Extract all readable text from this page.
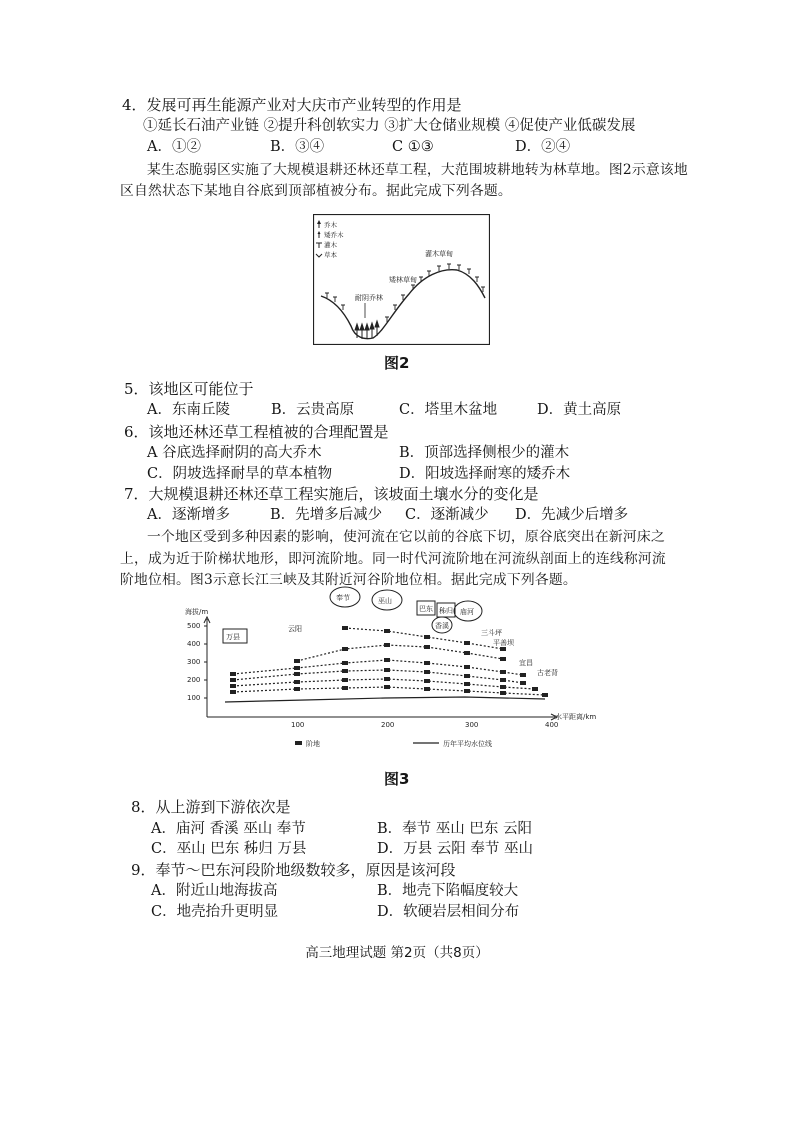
4．发展可再生能源产业对大庆市产业转型的作用是
①延长石油产业链 ②提升科创软实力 ③扩大仓储业规模 ④促使产业低碳发展
A．①②	B．③④	C ①③	D．②④
某生态脆弱区实施了大规模退耕还林还草工程，大范围坡耕地转为林草地。图2示意该地
区自然状态下某地自谷底到顶部植被分布。据此完成下列各题。
乔木
矮乔木
灌木
草本
耐阴乔林
矮林草甸
灌木草甸
图2
5．该地区可能位于
A．东南丘陵	B．云贵高原	C．塔里木盆地	D．黄土高原
6．该地还林还草工程植被的合理配置是
A 谷底选择耐阴的高大乔木	B．顶部选择侧根少的灌木
C．阴坡选择耐旱的草本植物	D．阳坡选择耐寒的矮乔木
7．大规模退耕还林还草工程实施后，该坡面土壤水分的变化是
A．逐渐增多	B．先增多后减少 C．逐渐减少 D．先减少后增多
一个地区受到多种因素的影响，使河流在它以前的谷底下切，原谷底突出在新河床之
上，成为近于阶梯状地形，即河流阶地。同一时代河流阶地在河流纵剖面上的连线称河流
阶地位相。图3示意长江三峡及其附近河谷阶地位相。据此完成下列各题。
海拔/m
水平距离/km
500
400
300
200
100
100	200	300	400
万县
云阳
奉节	巫山
巴东 秭归
香溪
庙河
三斗坪
平善坝
宜昌
古老背
阶地	历年平均水位线
图3
8．从上游到下游依次是
A．庙河 香溪 巫山 奉节	B．奉节 巫山 巴东 云阳
C．巫山 巴东 秭归 万县	D．万县 云阳 奉节 巫山
9．奉节～巴东河段阶地级数较多，原因是该河段
A．附近山地海拔高	B．地壳下陷幅度较大
C．地壳抬升更明显	D．软硬岩层相间分布
高三地理试题 第2页（共8页）
